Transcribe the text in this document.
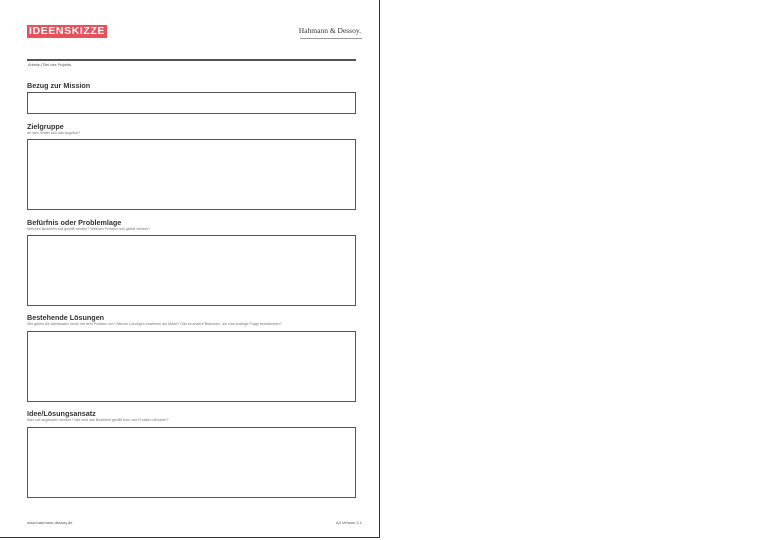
IDEENSKIZZE	Hahmann & Dessoy.
Arbeits-(Titel des Projekts
Bezug zur Mission
Zielgruppe
An wen richtet sich das Angebot?
Befürfnis oder Problemlage
Welches Bedürfnis soll gestillt werden? Welches Problem soll gelöst werden?
Bestehende Lösungen
Wie gehen die Adressaten heute mit dem Problem um? Welche Lösungen existieren am Markt? Gibt es andere Branchen, die eine analoge Frage beantworten?
Idee/Lösungsansatz
Was soll angeboten werden? Wie wird das Bedürfnis gestillt bzw. das Problem behoben?
www.hahmann-dessoy.de	A4 Version 2.1
